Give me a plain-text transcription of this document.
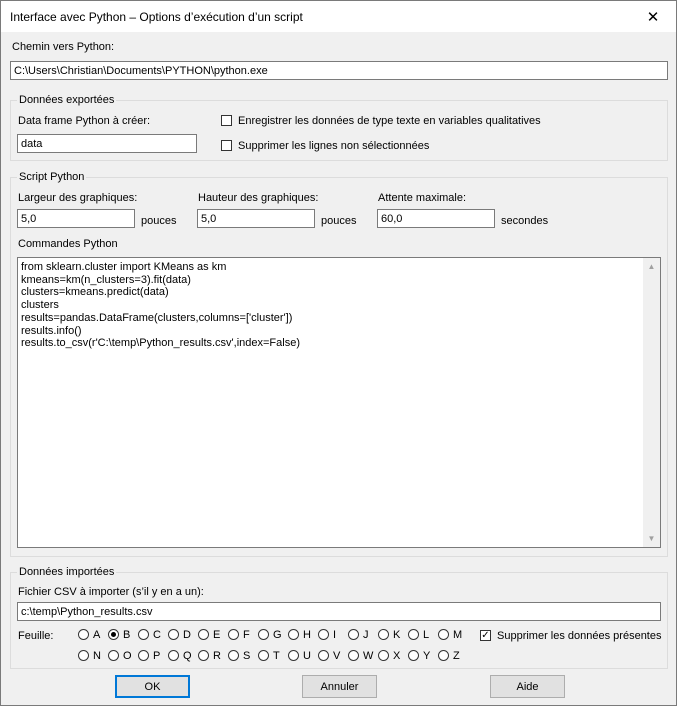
Interface avec Python – Options d’exécution d’un script	✕
Chemin vers Python:
C:\Users\Christian\Documents\PYTHON\python.exe
Données exportées
Data frame Python à créer:
data	Enregistrer les données de type texte en variables qualitatives
Supprimer les lignes non sélectionnées
Script Python
Largeur des graphiques:
5,0
pouces
Hauteur des graphiques:
5,0
pouces
Attente maximale:
60,0
secondes
Commandes Python
from sklearn.cluster import KMeans as km
kmeans=km(n_clusters=3).fit(data)
clusters=kmeans.predict(data)
clusters
results=pandas.DataFrame(clusters,columns=['cluster'])
results.info()
results.to_csv(r'C:\temp\Python_results.csv',index=False)
▲
▼
Données importées
Fichier CSV à importer (s’il y en a un):
c:\temp\Python_results.csv
Feuille:	A B C D E F G H I J K L M
N O P Q R S T U V W X Y Z
✓ Supprimer les données présentes
OK	Annuler	Aide
